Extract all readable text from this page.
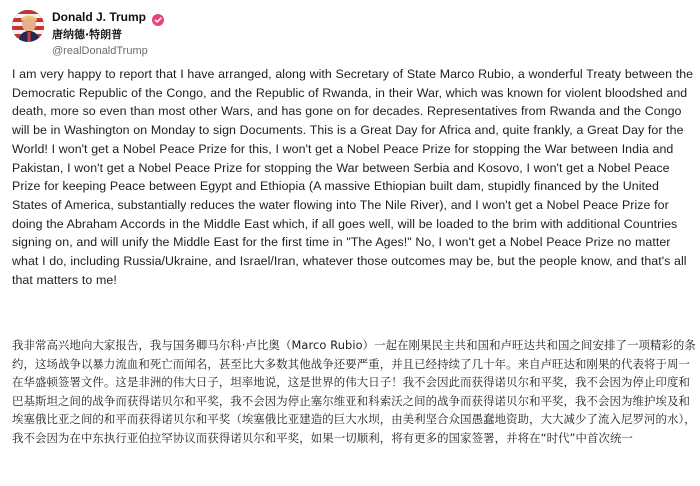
Donald J. Trump
唐纳德·特朗普
@realDonaldTrump

I am very happy to report that I have arranged, along with Secretary of State Marco Rubio, a wonderful Treaty between the Democratic Republic of the Congo, and the Republic of Rwanda, in their War, which was known for violent bloodshed and death, more so even than most other Wars, and has gone on for decades. Representatives from Rwanda and the Congo will be in Washington on Monday to sign Documents. This is a Great Day for Africa and, quite frankly, a Great Day for the World! I won't get a Nobel Peace Prize for this, I won't get a Nobel Peace Prize for stopping the War between India and Pakistan, I won't get a Nobel Peace Prize for stopping the War between Serbia and Kosovo, I won't get a Nobel Peace Prize for keeping Peace between Egypt and Ethiopia (A massive Ethiopian built dam, stupidly financed by the United States of America, substantially reduces the water flowing into The Nile River), and I won't get a Nobel Peace Prize for doing the Abraham Accords in the Middle East which, if all goes well, will be loaded to the brim with additional Countries signing on, and will unify the Middle East for the first time in "The Ages!" No, I won't get a Nobel Peace Prize no matter what I do, including Russia/Ukraine, and Israel/Iran, whatever those outcomes may be, but the people know, and that's all that matters to me!

我非常高兴地向大家报告，我与国务卿马尔科·卢比奥（Marco Rubio）一起在刚果民主共和国和卢旺达共和国之间安排了一项精彩的条约，这场战争以暴力流血和死亡而闻名，甚至比大多数其他战争还要严重，并且已经持续了几十年。来自卢旺达和刚果的代表将于周一在华盛顿签署文件。这是非洲的伟大日子，坦率地说，这是世界的伟大日子！我不会因此而获得诺贝尔和平奖，我不会因为停止印度和巴基斯坦之间的战争而获得诺贝尔和平奖，我不会因为停止塞尔维亚和科索沃之间的战争而获得诺贝尔和平奖，我不会因为维护埃及和埃塞俄比亚之间的和平而获得诺贝尔和平奖（埃塞俄比亚建造的巨大水坝，由美利坚合众国愚蠢地资助，大大减少了流入尼罗河的水），我不会因为在中东执行亚伯拉罕协议而获得诺贝尔和平奖，如果一切顺利，将有更多的国家签署，并将在“时代”中首次统一
